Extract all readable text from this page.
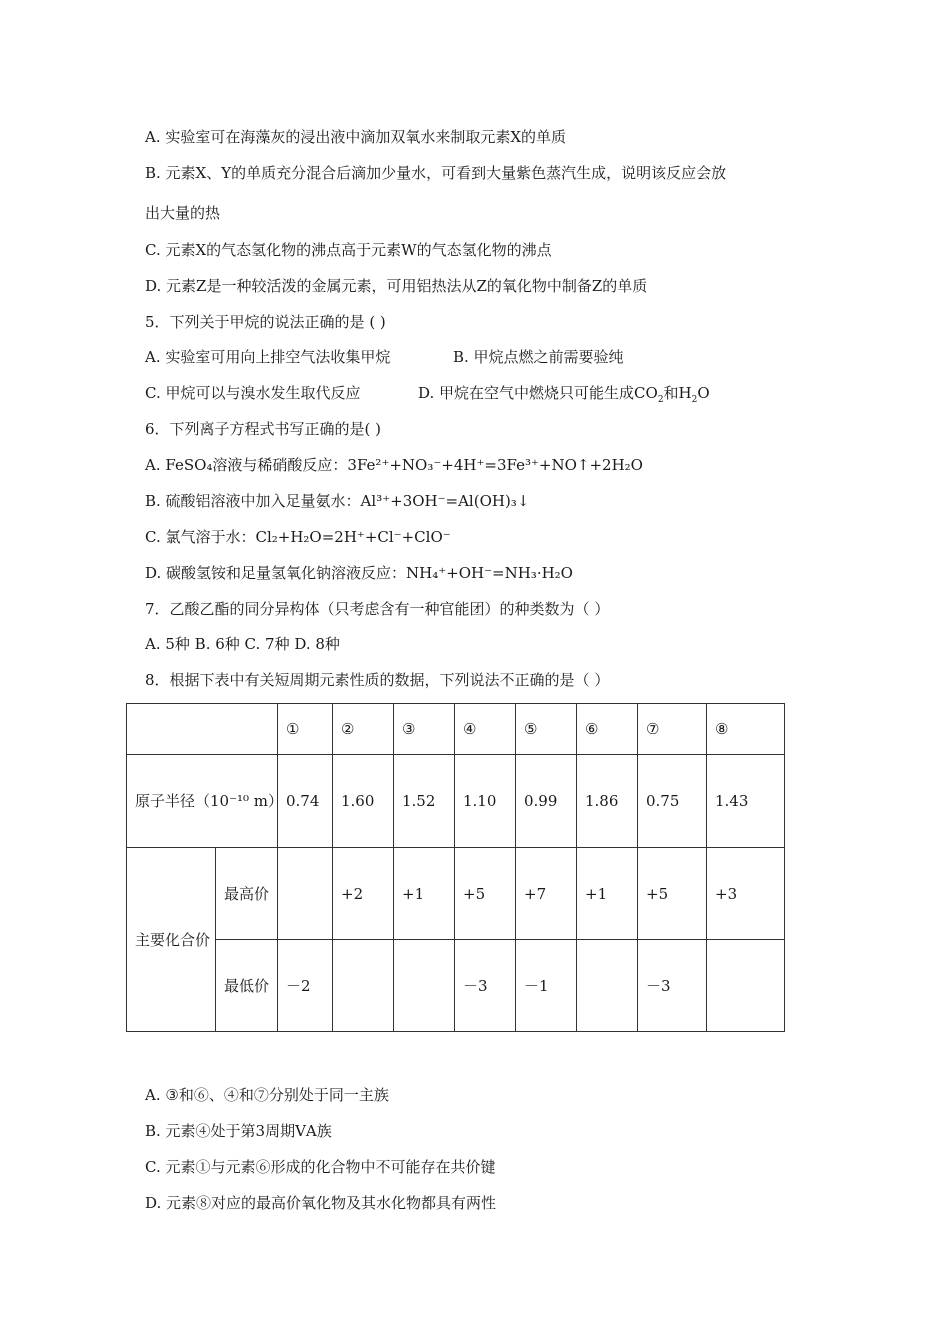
A. 实验室可在海藻灰的浸出液中滴加双氧水来制取元素X的单质
B. 元素X、Y的单质充分混合后滴加少量水，可看到大量紫色蒸汽生成，说明该反应会放
出大量的热
C. 元素X的气态氢化物的沸点高于元素W的气态氢化物的沸点
D. 元素Z是一种较活泼的金属元素，可用铝热法从Z的氧化物中制备Z的单质
5．下列关于甲烷的说法正确的是 ( )
A. 实验室可用向上排空气法收集甲烷	B. 甲烷点燃之前需要验纯
C. 甲烷可以与溴水发生取代反应	D. 甲烷在空气中燃烧只可能生成$CO_2$和$H_2O$
6．下列离子方程式书写正确的是( )
A. FeSO₄溶液与稀硝酸反应：3Fe²⁺+NO₃⁻+4H⁺=3Fe³⁺+NO↑+2H₂O
B. 硫酸铝溶液中加入足量氨水：Al³⁺+3OH⁻=Al(OH)₃↓
C. 氯气溶于水：Cl₂+H₂O=2H⁺+Cl⁻+ClO⁻
D. 碳酸氢铵和足量氢氧化钠溶液反应：NH₄⁺+OH⁻=NH₃·H₂O
7．乙酸乙酯的同分异构体（只考虑含有一种官能团）的种类数为（ ）
A. 5种 B. 6种 C. 7种 D. 8种
8．根据下表中有关短周期元素性质的数据，下列说法不正确的是（ ）
		①	②	③	④	⑤	⑥	⑦	⑧
原子半径（10⁻¹⁰ m）		0.74	1.60	1.52	1.10	0.99	1.86	0.75	1.43
主要化合价	最高价		+2	+1	+5	+7	+1	+5	+3
	最低价	－2			－3	－1		－3	
A. ③和⑥、④和⑦分别处于同一主族
B. 元素④处于第3周期ⅤA族
C. 元素①与元素⑥形成的化合物中不可能存在共价键
D. 元素⑧对应的最高价氧化物及其水化物都具有两性
